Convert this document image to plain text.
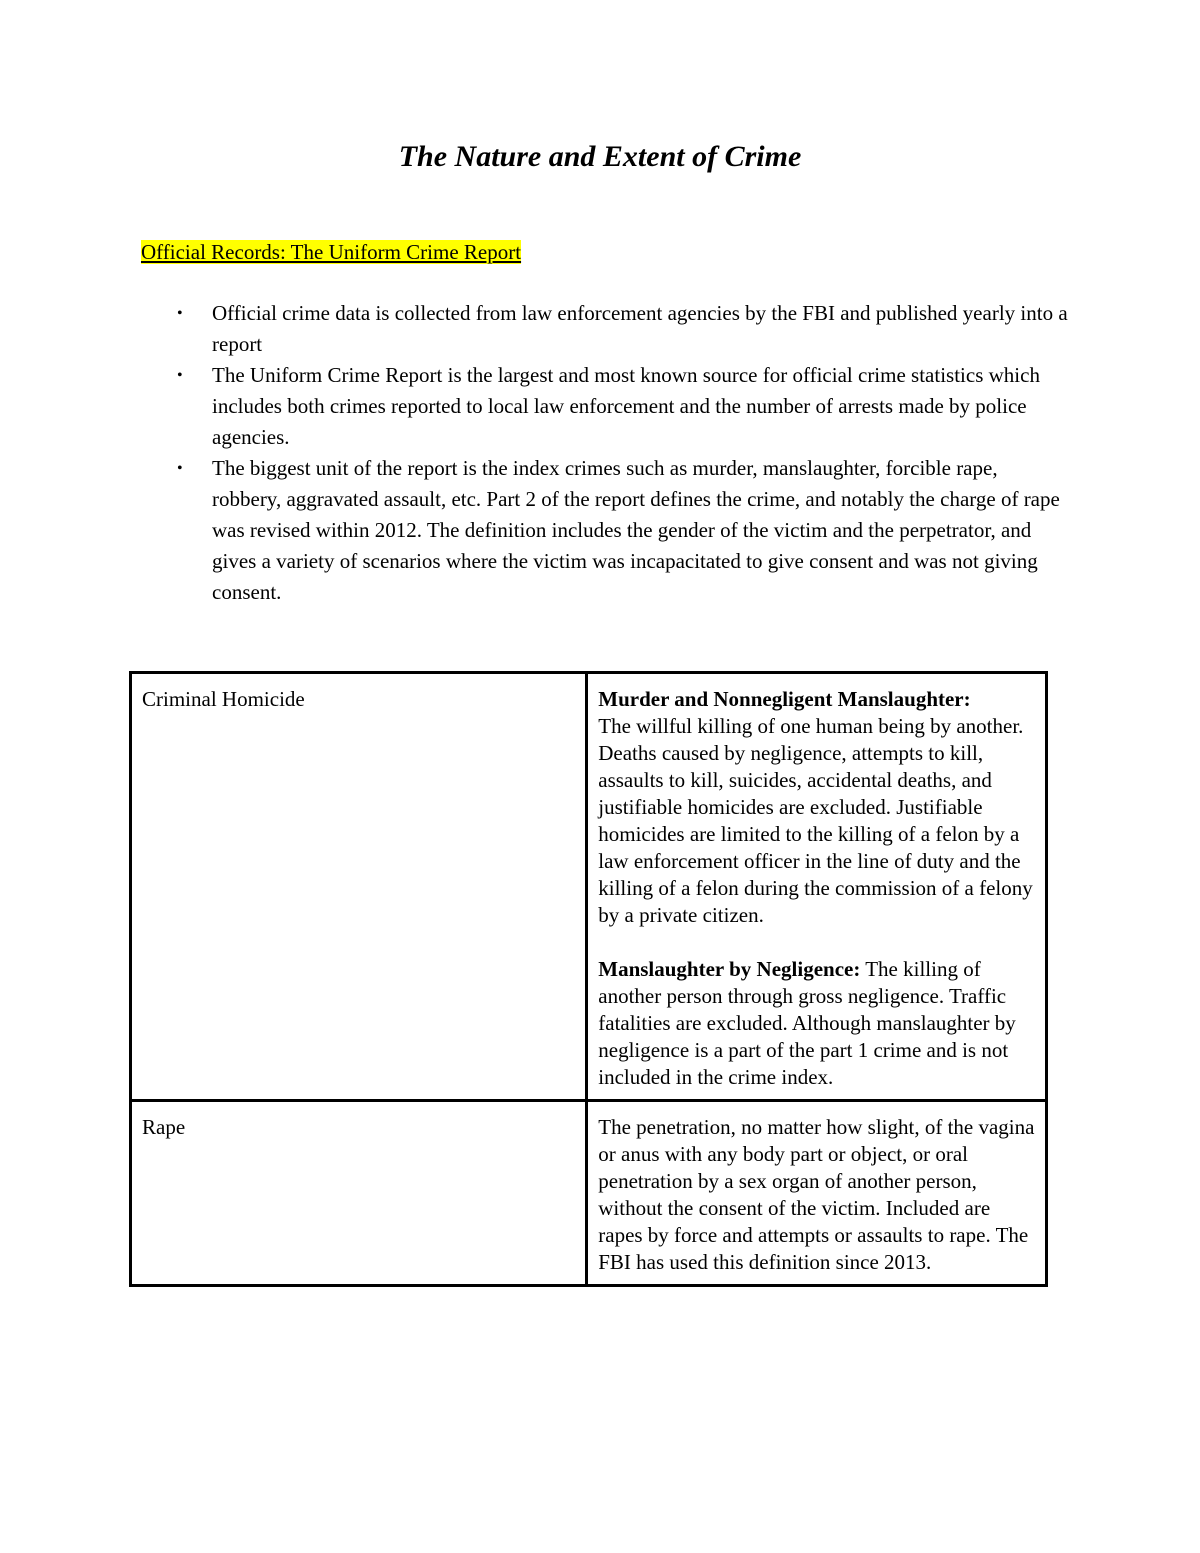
The Nature and Extent of Crime

Official Records: The Uniform Crime Report

• Official crime data is collected from law enforcement agencies by the FBI and published yearly into a report
• The Uniform Crime Report is the largest and most known source for official crime statistics which includes both crimes reported to local law enforcement and the number of arrests made by police agencies.
• The biggest unit of the report is the index crimes such as murder, manslaughter, forcible rape, robbery, aggravated assault, etc. Part 2 of the report defines the crime, and notably the charge of rape was revised within 2012. The definition includes the gender of the victim and the perpetrator, and gives a variety of scenarios where the victim was incapacitated to give consent and was not giving consent.
Criminal Homicide	Murder and Nonnegligent Manslaughter:
The willful killing of one human being by another. Deaths caused by negligence, attempts to kill, assaults to kill, suicides, accidental deaths, and justifiable homicides are excluded. Justifiable homicides are limited to the killing of a felon by a law enforcement officer in the line of duty and the killing of a felon during the commission of a felony by a private citizen.

Manslaughter by Negligence: The killing of another person through gross negligence. Traffic fatalities are excluded. Although manslaughter by negligence is a part of the part 1 crime and is not included in the crime index.

Rape	The penetration, no matter how slight, of the vagina or anus with any body part or object, or oral penetration by a sex organ of another person, without the consent of the victim. Included are rapes by force and attempts or assaults to rape. The FBI has used this definition since 2013.
